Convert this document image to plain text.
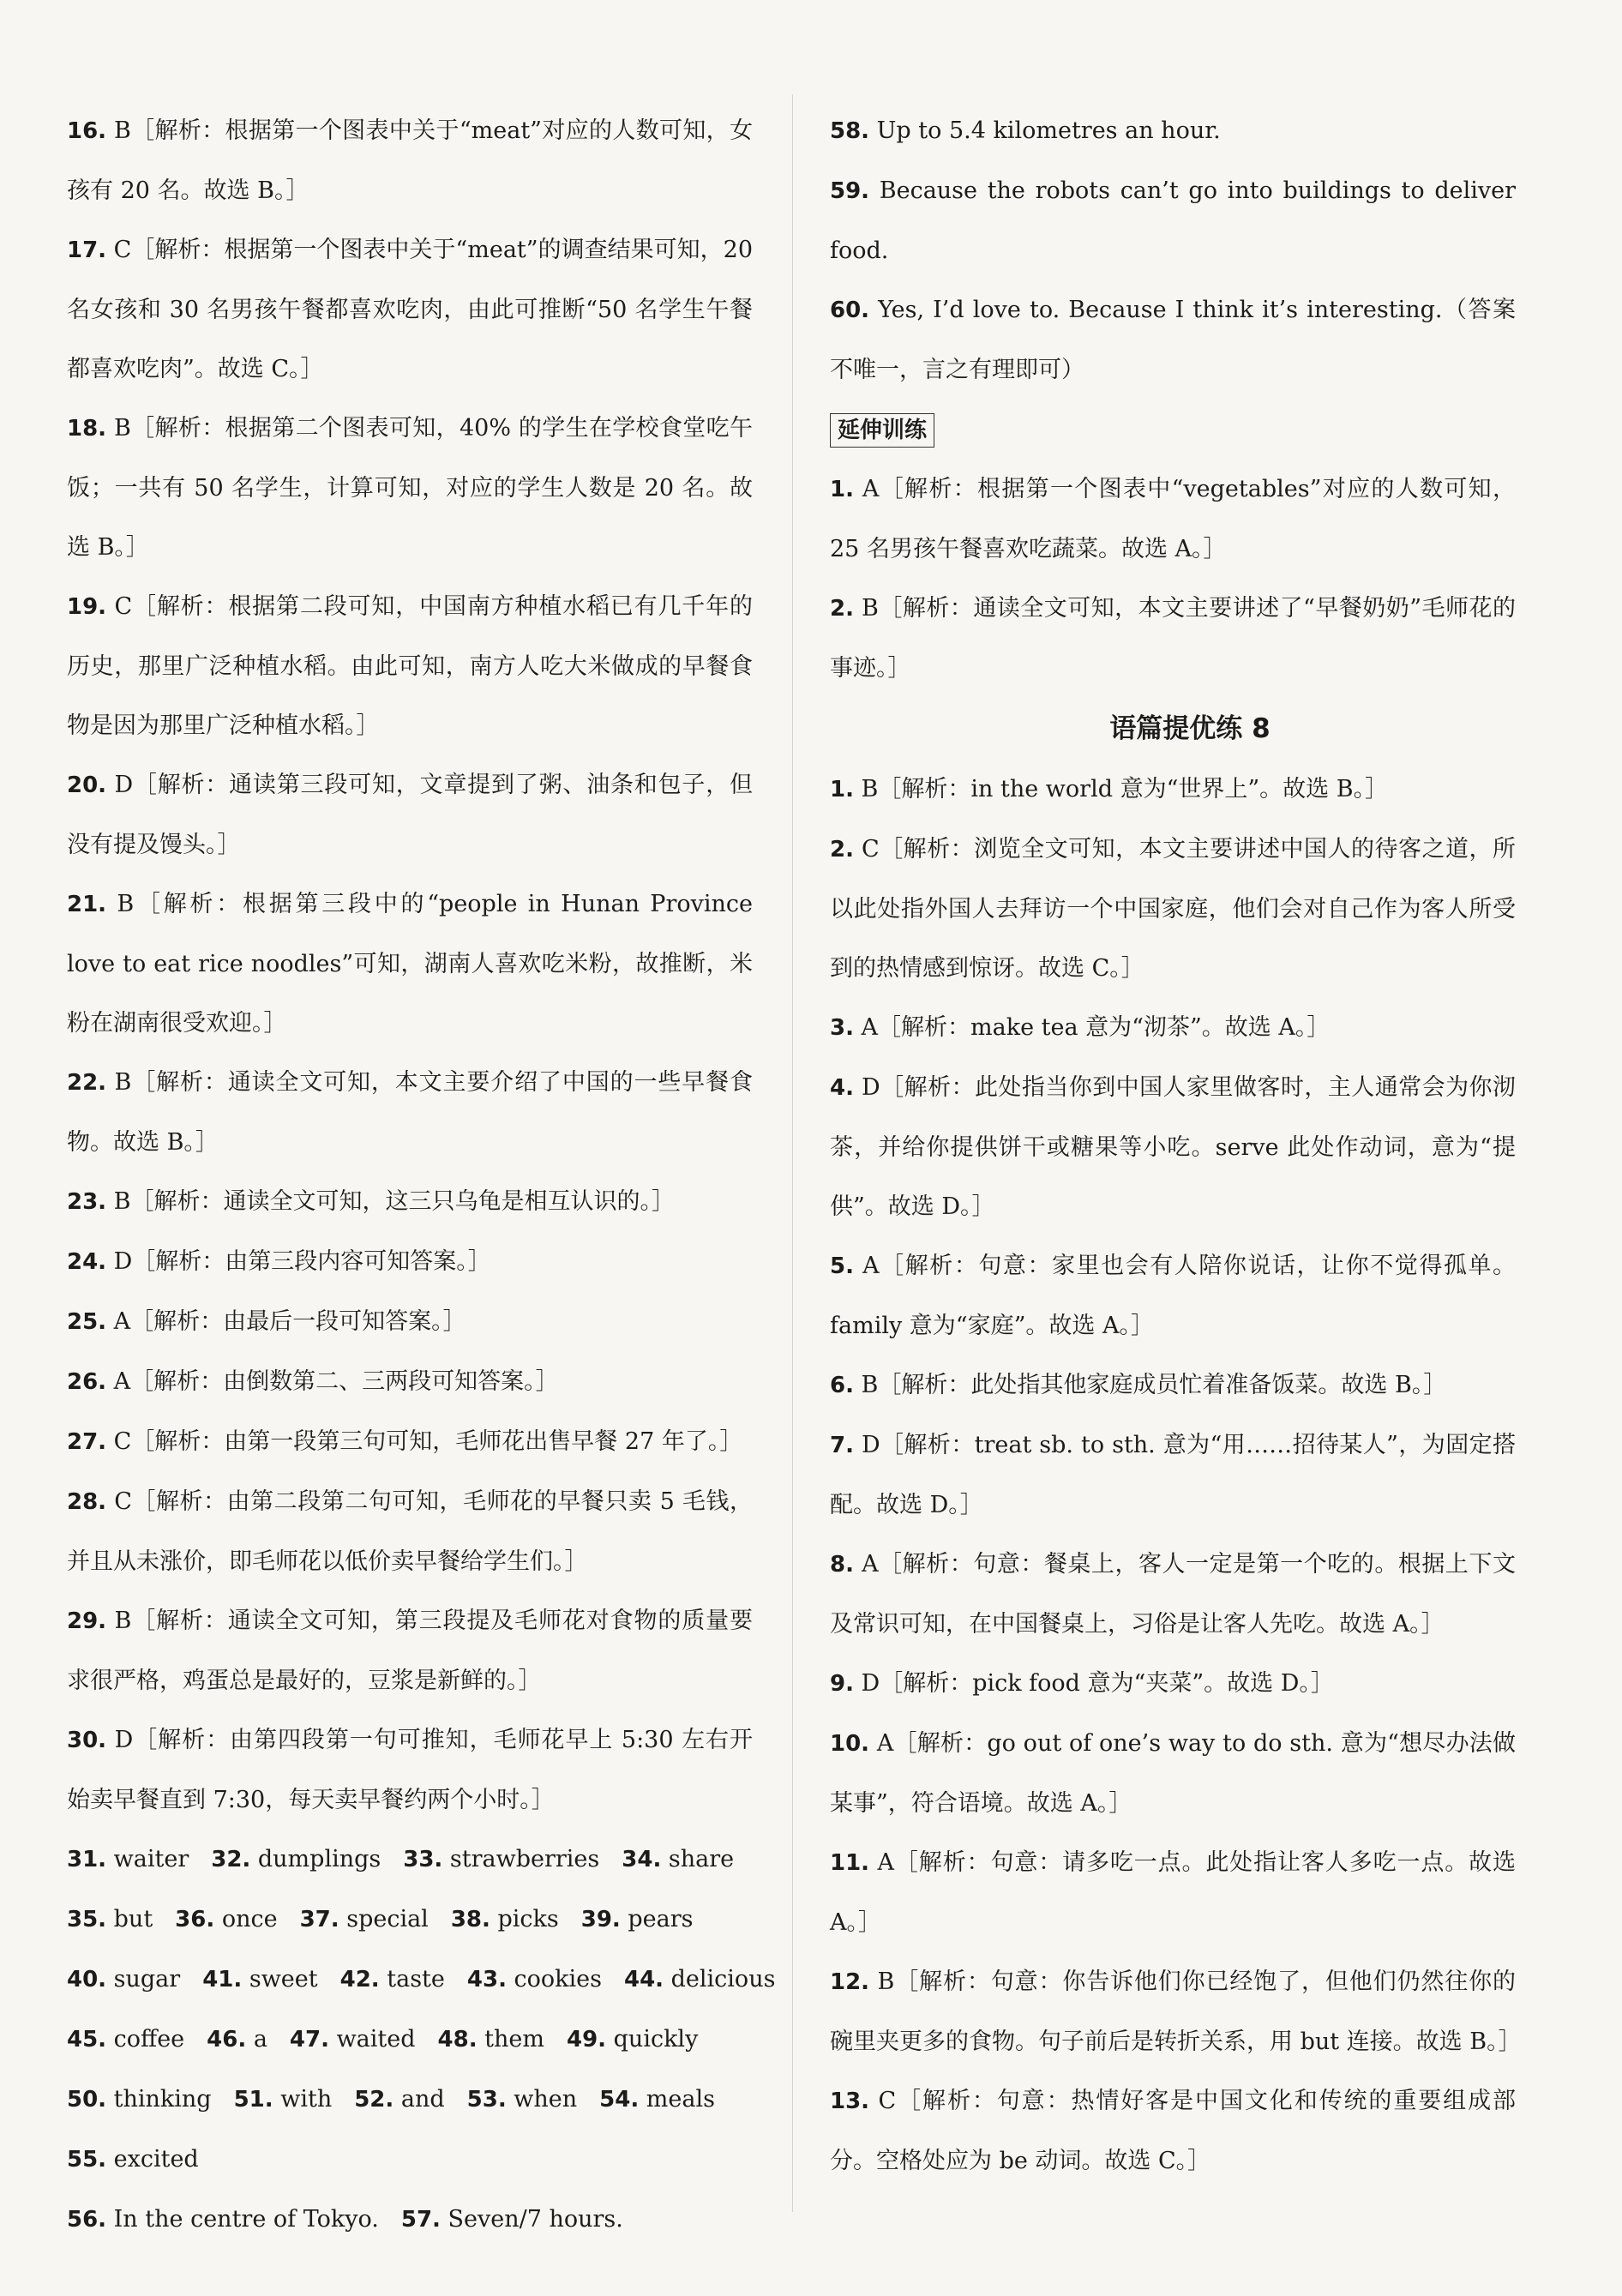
16. B［解析：根据第一个图表中关于“meat”对应的人数可知，女孩有 20 名。故选 B。］
17. C［解析：根据第一个图表中关于“meat”的调查结果可知，20 名女孩和 30 名男孩午餐都喜欢吃肉，由此可推断“50 名学生午餐都喜欢吃肉”。故选 C。］
18. B［解析：根据第二个图表可知，40% 的学生在学校食堂吃午饭；一共有 50 名学生，计算可知，对应的学生人数是 20 名。故选 B。］
19. C［解析：根据第二段可知，中国南方种植水稻已有几千年的历史，那里广泛种植水稻。由此可知，南方人吃大米做成的早餐食物是因为那里广泛种植水稻。］
20. D［解析：通读第三段可知，文章提到了粥、油条和包子，但没有提及馒头。］
21. B［解析：根据第三段中的“people in Hunan Province love to eat rice noodles”可知，湖南人喜欢吃米粉，故推断，米粉在湖南很受欢迎。］
22. B［解析：通读全文可知，本文主要介绍了中国的一些早餐食物。故选 B。］
23. B［解析：通读全文可知，这三只乌龟是相互认识的。］
24. D［解析：由第三段内容可知答案。］
25. A［解析：由最后一段可知答案。］
26. A［解析：由倒数第二、三两段可知答案。］
27. C［解析：由第一段第三句可知，毛师花出售早餐 27 年了。］
28. C［解析：由第二段第二句可知，毛师花的早餐只卖 5 毛钱，并且从未涨价，即毛师花以低价卖早餐给学生们。］
29. B［解析：通读全文可知，第三段提及毛师花对食物的质量要求很严格，鸡蛋总是最好的，豆浆是新鲜的。］
30. D［解析：由第四段第一句可推知，毛师花早上 5:30 左右开始卖早餐直到 7:30，每天卖早餐约两个小时。］
31. waiter 32. dumplings 33. strawberries 34. share
35. but 36. once 37. special 38. picks 39. pears
40. sugar 41. sweet 42. taste 43. cookies 44. delicious
45. coffee 46. a 47. waited 48. them 49. quickly
50. thinking 51. with 52. and 53. when 54. meals
55. excited
56. In the centre of Tokyo. 57. Seven/7 hours.
58. Up to 5.4 kilometres an hour.
59. Because the robots can’t go into buildings to deliver food.
60. Yes, I’d love to. Because I think it’s interesting.（答案不唯一，言之有理即可）
延伸训练
1. A［解析：根据第一个图表中“vegetables”对应的人数可知，25 名男孩午餐喜欢吃蔬菜。故选 A。］
2. B［解析：通读全文可知，本文主要讲述了“早餐奶奶”毛师花的事迹。］
语篇提优练 8
1. B［解析：in the world 意为“世界上”。故选 B。］
2. C［解析：浏览全文可知，本文主要讲述中国人的待客之道，所以此处指外国人去拜访一个中国家庭，他们会对自己作为客人所受到的热情感到惊讶。故选 C。］
3. A［解析：make tea 意为“沏茶”。故选 A。］
4. D［解析：此处指当你到中国人家里做客时，主人通常会为你沏茶，并给你提供饼干或糖果等小吃。serve 此处作动词，意为“提供”。故选 D。］
5. A［解析：句意：家里也会有人陪你说话，让你不觉得孤单。family 意为“家庭”。故选 A。］
6. B［解析：此处指其他家庭成员忙着准备饭菜。故选 B。］
7. D［解析：treat sb. to sth. 意为“用……招待某人”，为固定搭配。故选 D。］
8. A［解析：句意：餐桌上，客人一定是第一个吃的。根据上下文及常识可知，在中国餐桌上，习俗是让客人先吃。故选 A。］
9. D［解析：pick food 意为“夹菜”。故选 D。］
10. A［解析：go out of one’s way to do sth. 意为“想尽办法做某事”，符合语境。故选 A。］
11. A［解析：句意：请多吃一点。此处指让客人多吃一点。故选 A。］
12. B［解析：句意：你告诉他们你已经饱了，但他们仍然往你的碗里夹更多的食物。句子前后是转折关系，用 but 连接。故选 B。］
13. C［解析：句意：热情好客是中国文化和传统的重要组成部分。空格处应为 be 动词。故选 C。］
